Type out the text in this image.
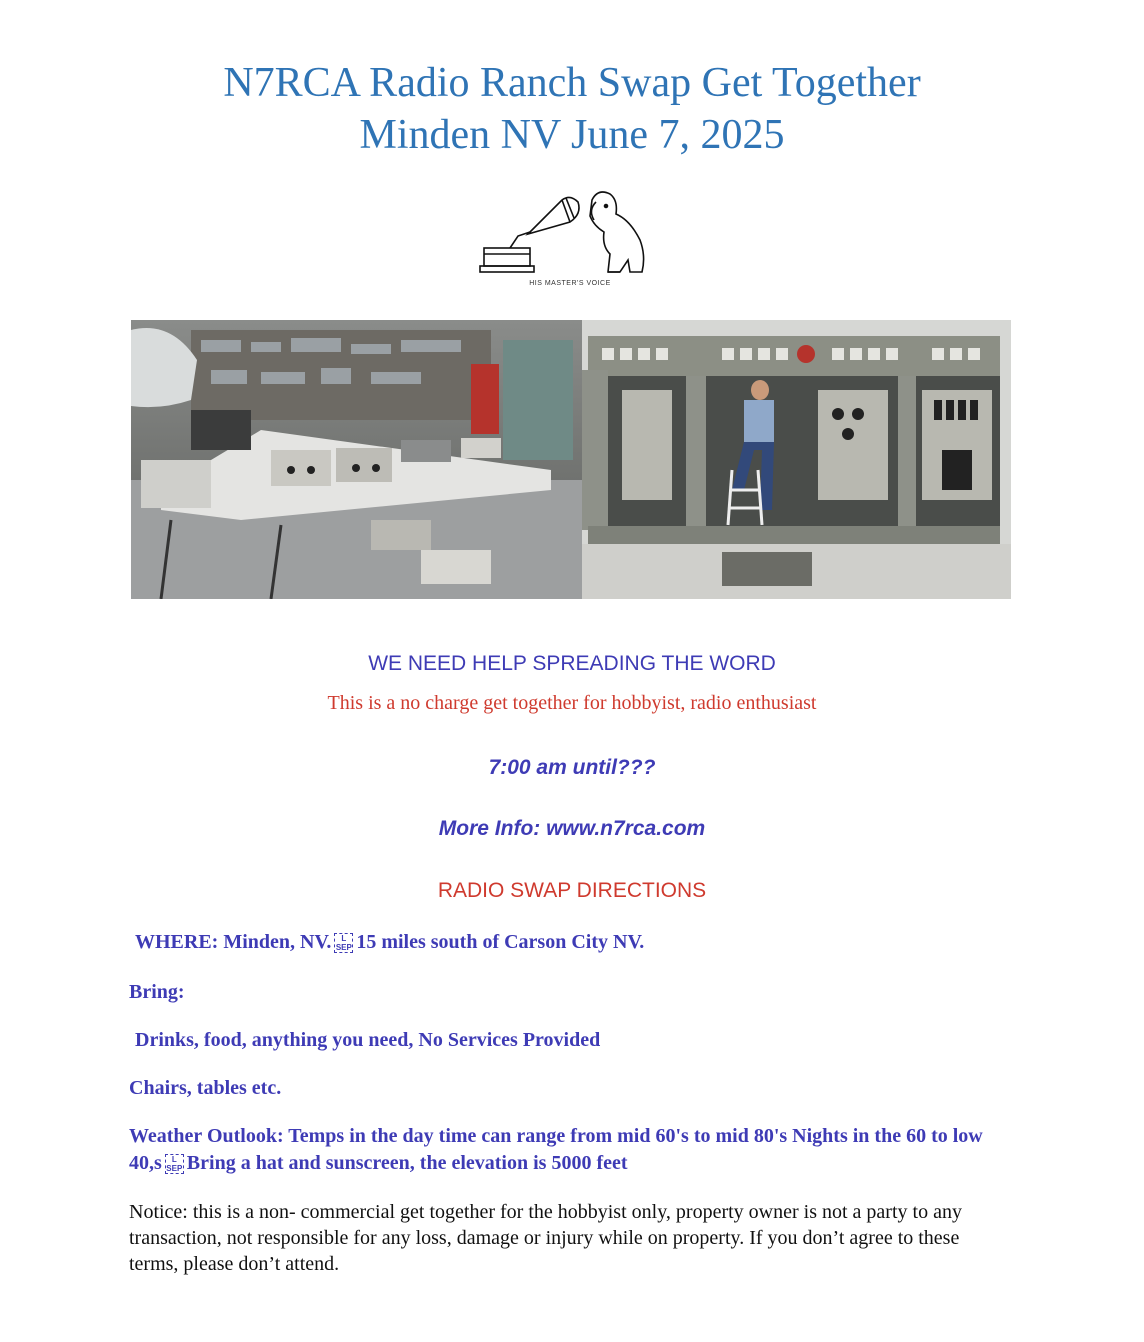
N7RCA Radio Ranch Swap Get Together
Minden NV June 7, 2025
HIS MASTER'S VOICE
WE NEED HELP SPREADING THE WORD
This is a no charge get together for hobbyist, radio enthusiast
7:00 am until???
More Info: www.n7rca.com
RADIO SWAP DIRECTIONS
WHERE: Minden, NV. L SEP 15 miles south of Carson City NV.
Bring:
Drinks, food, anything you need, No Services Provided
Chairs, tables etc.
Weather Outlook: Temps in the day time can range from mid 60's to mid 80's Nights in the 60 to low 40,s L SEP Bring a hat and sunscreen, the elevation is 5000 feet
Notice: this is a non- commercial get together for the hobbyist only, property owner is not a party to any transaction, not responsible for any loss, damage or injury while on property. If you don’t agree to these terms, please don’t attend.
